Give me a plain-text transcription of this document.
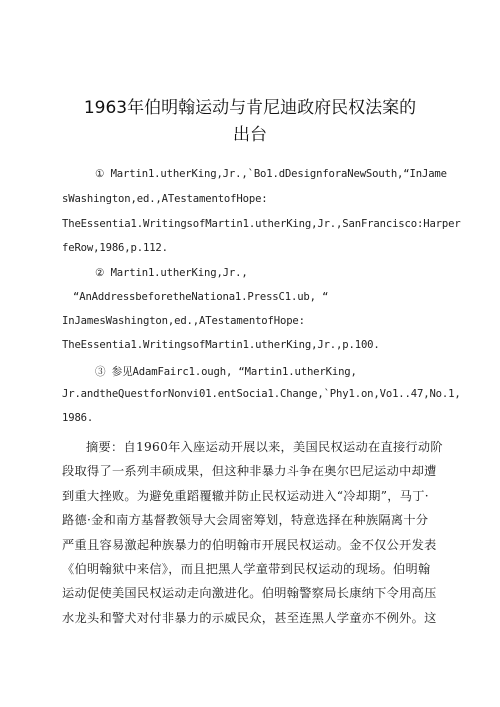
1963年伯明翰运动与肯尼迪政府民权法案的
出台
① Martin1.utherKing,Jr.,`Bo1.dDesignforaNewSouth,“InJame
sWashington,ed.,ATestamentofHope:
TheEssentia1.WritingsofMartin1.utherKing,Jr.,SanFrancisco:Harper
feRow,1986,p.112.
② Martin1.utherKing,Jr.,
“AnAddressbeforetheNationa1.PressC1.ub, “
InJamesWashington,ed.,ATestamentofHope:
TheEssentia1.WritingsofMartin1.utherKing,Jr.,p.100.
③ 参见AdamFairc1.ough, “Martin1.utherKing,
Jr.andtheQuestforNonvi01.entSocia1.Change,`Phy1.on,Vo1..47,No.1,
1986.
摘要：自1960年入座运动开展以来，美国民权运动在直接行动阶
段取得了一系列丰硕成果，但这种非暴力斗争在奥尔巴尼运动中却遭
到重大挫败。为避免重蹈覆辙并防止民权运动进入“冷却期”，马丁·
路德·金和南方基督教领导大会周密筹划，特意选择在种族隔离十分
严重且容易激起种族暴力的伯明翰市开展民权运动。金不仅公开发表
《伯明翰狱中来信》，而且把黑人学童带到民权运动的现场。伯明翰
运动促使美国民权运动走向激进化。伯明翰警察局长康纳下令用高压
水龙头和警犬对付非暴力的示威民众，甚至连黑人学童亦不例外。这
